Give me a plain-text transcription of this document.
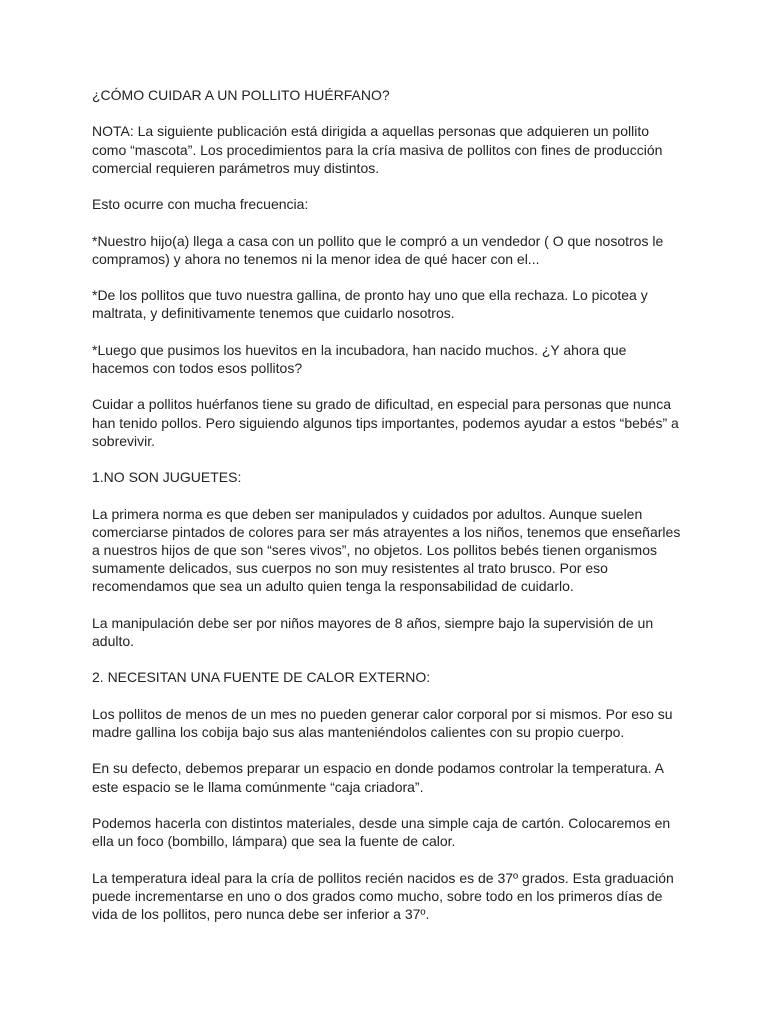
¿CÓMO CUIDAR A UN POLLITO HUÉRFANO?

NOTA: La siguiente publicación está dirigida a aquellas personas que adquieren un pollito como “mascota”. Los procedimientos para la cría masiva de pollitos con fines de producción comercial requieren parámetros muy distintos.

Esto ocurre con mucha frecuencia:

*Nuestro hijo(a) llega a casa con un pollito que le compró a un vendedor ( O que nosotros le compramos) y ahora no tenemos ni la menor idea de qué hacer con el...

*De los pollitos que tuvo nuestra gallina, de pronto hay uno que ella rechaza. Lo picotea y maltrata, y definitivamente tenemos que cuidarlo nosotros.

*Luego que pusimos los huevitos en la incubadora, han nacido muchos. ¿Y ahora que hacemos con todos esos pollitos?

Cuidar a pollitos huérfanos tiene su grado de dificultad, en especial para personas que nunca han tenido pollos. Pero siguiendo algunos tips importantes, podemos ayudar a estos “bebés” a sobrevivir.

1.NO SON JUGUETES:

La primera norma es que deben ser manipulados y cuidados por adultos. Aunque suelen comerciarse pintados de colores para ser más atrayentes a los niños, tenemos que enseñarles a nuestros hijos de que son “seres vivos”, no objetos. Los pollitos bebés tienen organismos sumamente delicados, sus cuerpos no son muy resistentes al trato brusco. Por eso recomendamos que sea un adulto quien tenga la responsabilidad de cuidarlo.

La manipulación debe ser por niños mayores de 8 años, siempre bajo la supervisión de un adulto.

2. NECESITAN UNA FUENTE DE CALOR EXTERNO:

Los pollitos de menos de un mes no pueden generar calor corporal por si mismos. Por eso su madre gallina los cobija bajo sus alas manteniéndolos calientes con su propio cuerpo.

En su defecto, debemos preparar un espacio en donde podamos controlar la temperatura. A este espacio se le llama comúnmente “caja criadora”.

Podemos hacerla con distintos materiales, desde una simple caja de cartón. Colocaremos en ella un foco (bombillo, lámpara) que sea la fuente de calor.

La temperatura ideal para la cría de pollitos recién nacidos es de 37º grados. Esta graduación puede incrementarse en uno o dos grados como mucho, sobre todo en los primeros días de vida de los pollitos, pero nunca debe ser inferior a 37º.
